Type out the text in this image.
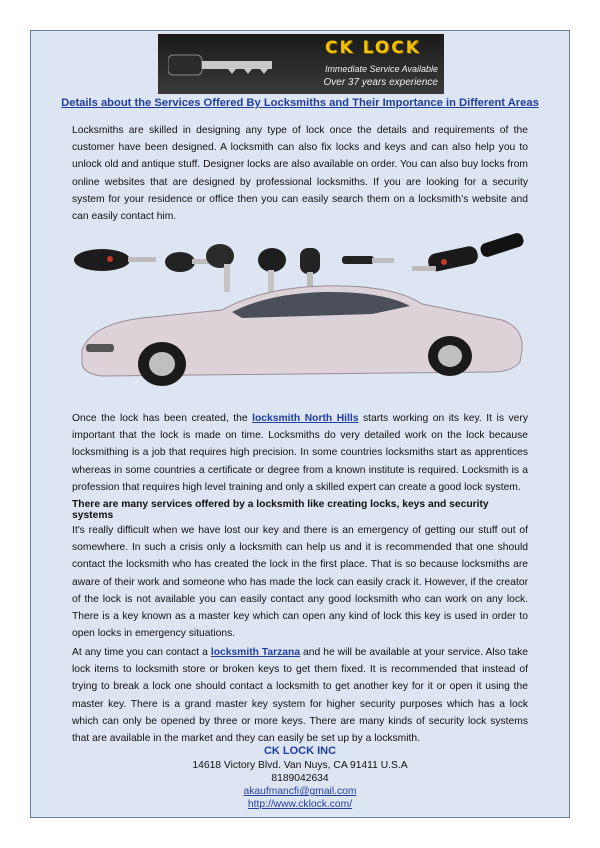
CK LOCK
Immediate Service Available
Over 37 years experience
Details about the Services Offered By Locksmiths and Their Importance in Different Areas

Locksmiths are skilled in designing any type of lock once the details and requirements of the customer have been designed. A locksmith can also fix locks and keys and can also help you to unlock old and antique stuff. Designer locks are also available on order. You can also buy locks from online websites that are designed by professional locksmiths. If you are looking for a security system for your residence or office then you can easily search them on a locksmith’s website and can easily contact him.

Once the lock has been created, the locksmith North Hills starts working on its key. It is very important that the lock is made on time. Locksmiths do very detailed work on the lock because locksmithing is a job that requires high precision. In some countries locksmiths start as apprentices whereas in some countries a certificate or degree from a known institute is required. Locksmith is a profession that requires high level training and only a skilled expert can create a good lock system.

There are many services offered by a locksmith like creating locks, keys and security systems

It's really difficult when we have lost our key and there is an emergency of getting our stuff out of somewhere. In such a crisis only a locksmith can help us and it is recommended that one should contact the locksmith who has created the lock in the first place. That is so because locksmiths are aware of their work and someone who has made the lock can easily crack it. However, if the creator of the lock is not available you can easily contact any good locksmith who can work on any lock. There is a key known as a master key which can open any kind of lock this key is used in order to open locks in emergency situations.

At any time you can contact a locksmith Tarzana and he will be available at your service. Also take lock items to locksmith store or broken keys to get them fixed. It is recommended that instead of trying to break a lock one should contact a locksmith to get another key for it or open it using the master key. There is a grand master key system for higher security purposes which has a lock which can only be opened by three or more keys. There are many kinds of security lock systems that are available in the market and they can easily be set up by a locksmith.

CK LOCK INC
14618 Victory Blvd. Van Nuys, CA 91411 U.S.A
8189042634
akaufmancfi@gmail.com
http://www.cklock.com/
